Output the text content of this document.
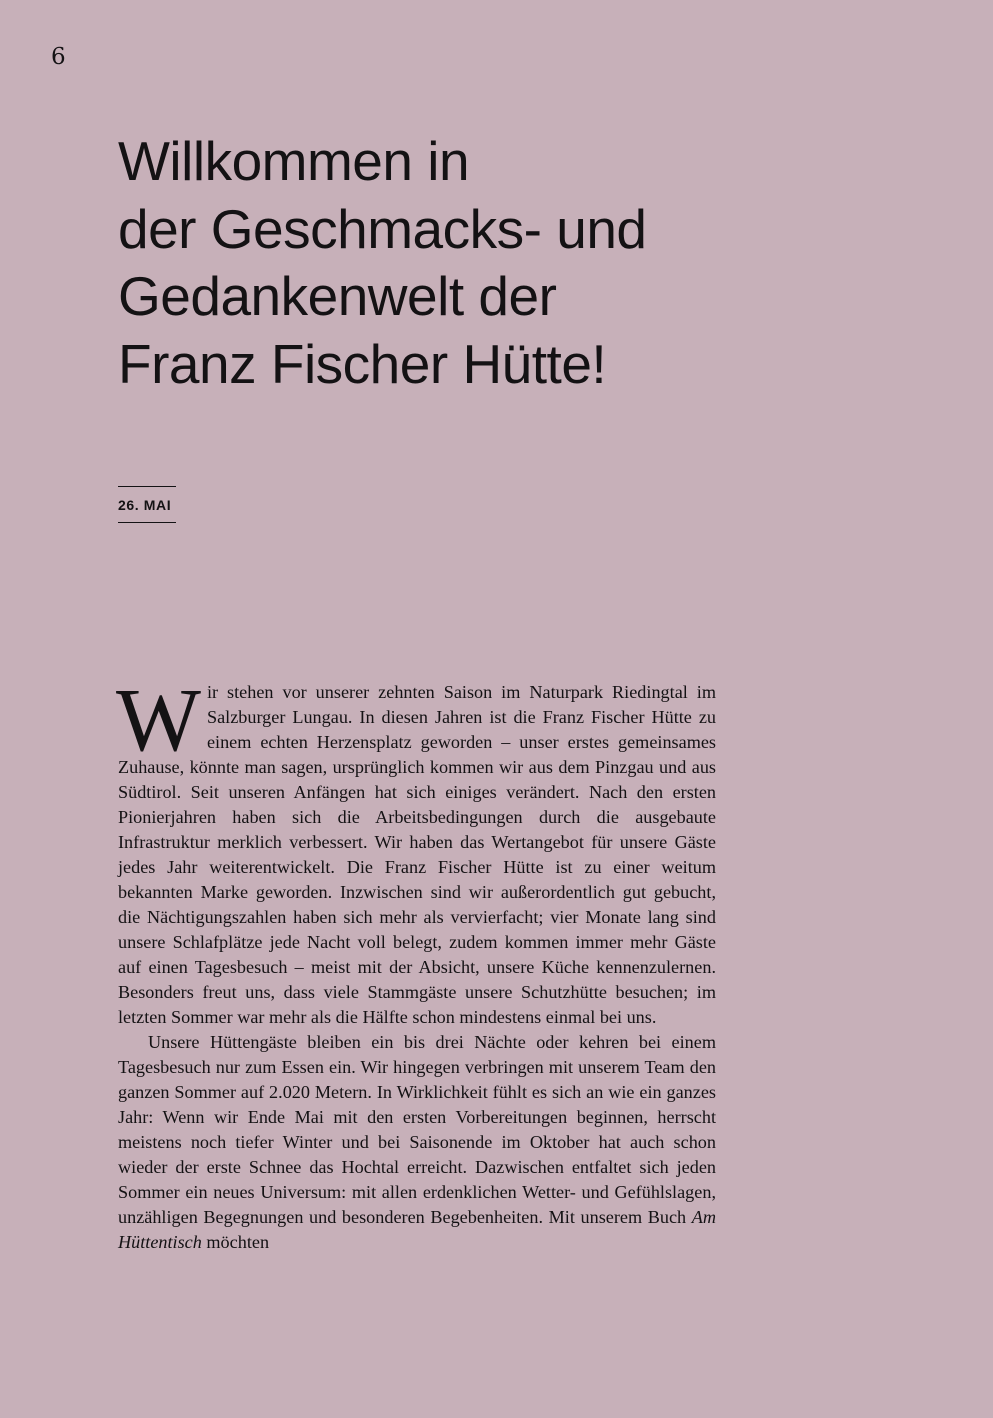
6
Willkommen in
der Geschmacks- und
Gedankenwelt der
Franz Fischer Hütte!
26. MAI

Wir stehen vor unserer zehnten Saison im Naturpark Riedingtal im Salzburger Lungau. In diesen Jahren ist die Franz Fischer Hütte zu einem echten Herzensplatz geworden – unser erstes gemeinsames Zuhause, könnte man sagen, ursprünglich kommen wir aus dem Pinzgau und aus Südtirol. Seit unseren Anfängen hat sich einiges verändert. Nach den ersten Pionierjahren haben sich die Arbeitsbedingungen durch die ausgebaute Infrastruktur merklich verbessert. Wir haben das Wertangebot für unsere Gäste jedes Jahr weiterentwickelt. Die Franz Fischer Hütte ist zu einer weitum bekannten Marke geworden. Inzwischen sind wir außerordentlich gut gebucht, die Nächtigungszahlen haben sich mehr als vervierfacht; vier Monate lang sind unsere Schlafplätze jede Nacht voll belegt, zudem kommen immer mehr Gäste auf einen Tagesbesuch – meist mit der Absicht, unsere Küche kennenzulernen. Besonders freut uns, dass viele Stammgäste unsere Schutzhütte besuchen; im letzten Sommer war mehr als die Hälfte schon mindestens einmal bei uns.

Unsere Hüttengäste bleiben ein bis drei Nächte oder kehren bei einem Tagesbesuch nur zum Essen ein. Wir hingegen verbringen mit unserem Team den ganzen Sommer auf 2.020 Metern. In Wirklichkeit fühlt es sich an wie ein ganzes Jahr: Wenn wir Ende Mai mit den ersten Vorbereitungen beginnen, herrscht meistens noch tiefer Winter und bei Saisonende im Oktober hat auch schon wieder der erste Schnee das Hochtal erreicht. Dazwischen entfaltet sich jeden Sommer ein neues Universum: mit allen erdenklichen Wetter- und Gefühlslagen, unzähligen Begegnungen und besonderen Begebenheiten. Mit unserem Buch Am Hüttentisch möchten
